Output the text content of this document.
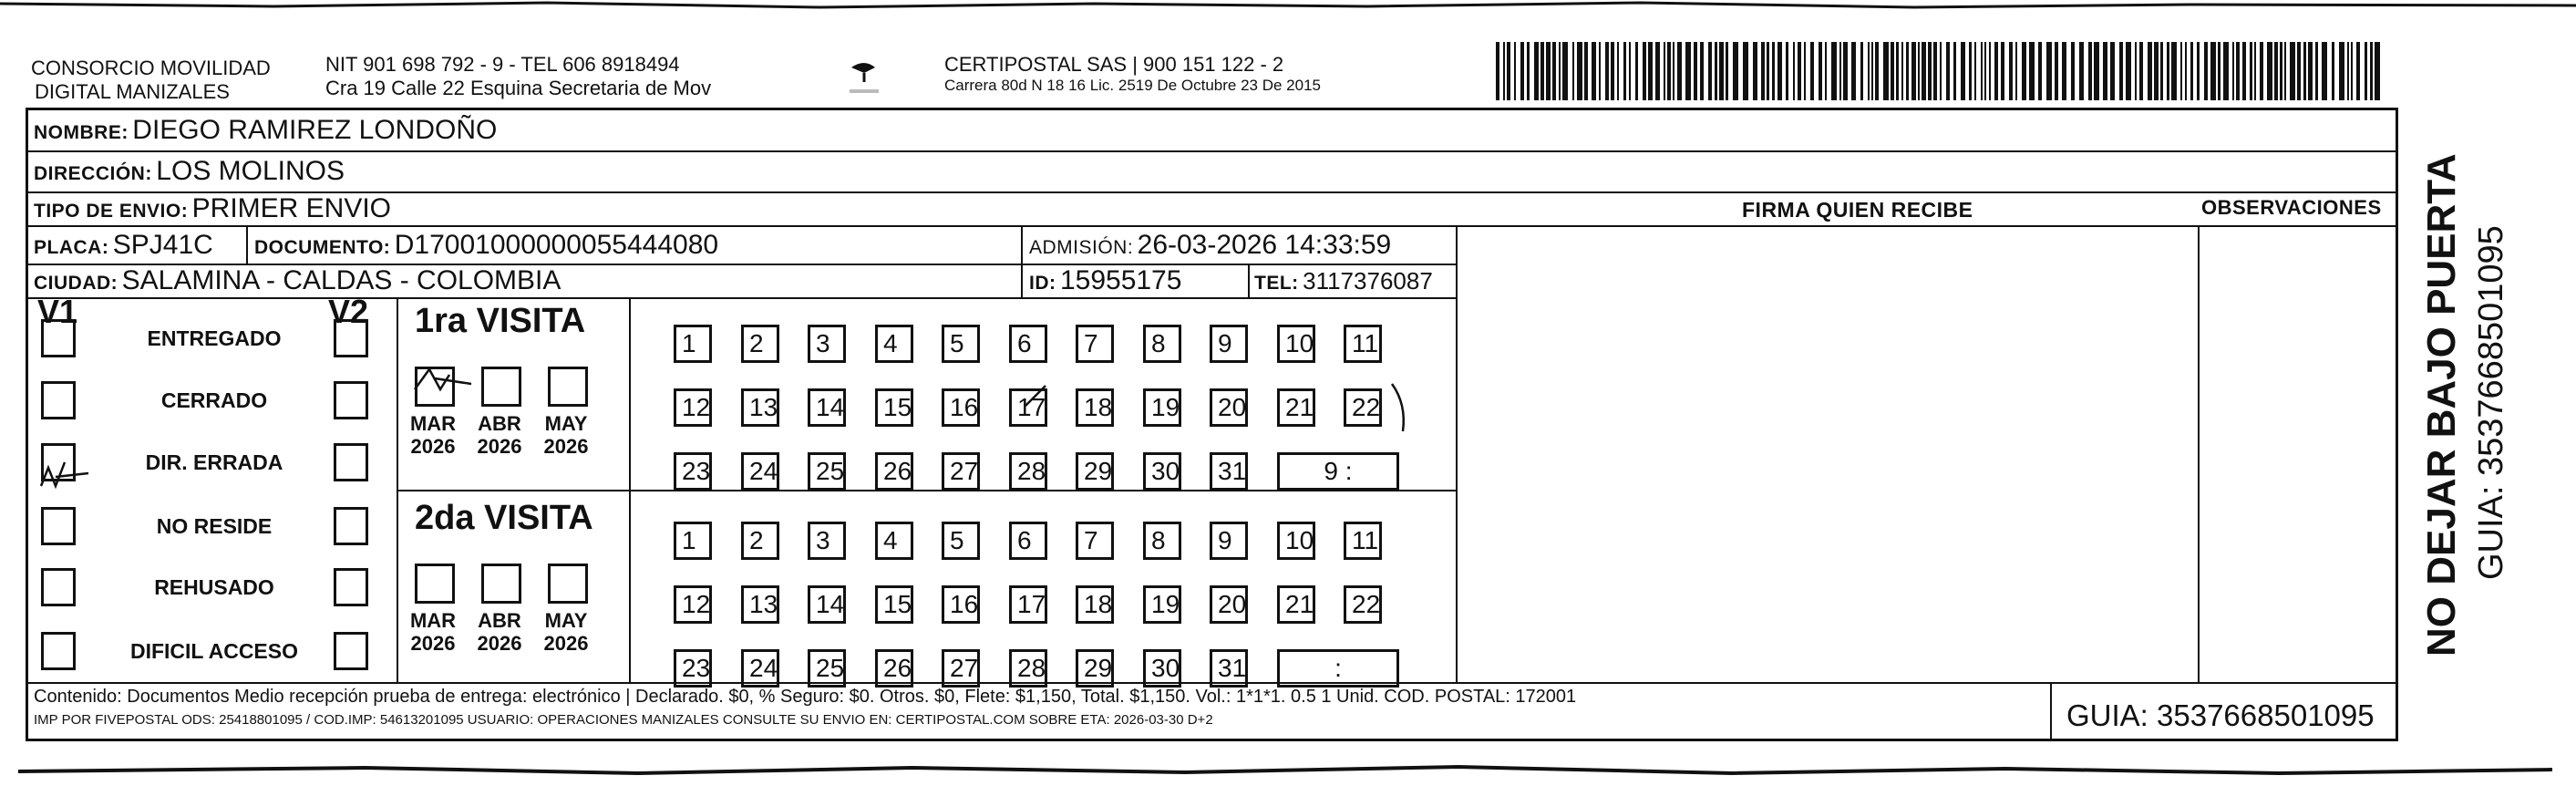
CONSORCIO MOVILIDAD
DIGITAL MANIZALES
NIT 901 698 792 - 9 - TEL 606 8918494
Cra 19 Calle 22 Esquina Secretaria de Mov
CERTIPOSTAL SAS | 900 151 122 - 2
Carrera 80d N 18 16 Lic. 2519 De Octubre 23 De 2015
NOMBRE: DIEGO RAMIREZ LONDOÑO
DIRECCIÓN: LOS MOLINOS
TIPO DE ENVIO: PRIMER ENVIO	FIRMA QUIEN RECIBE	OBSERVACIONES
PLACA: SPJ41C DOCUMENTO: D17001000000055444080	ADMISIÓN: 26-03-2026 14:33:59
CIUDAD: SALAMINA - CALDAS - COLOMBIA	ID: 15955175	TEL: 3117376087
V1	V2
ENTREGADO
CERRADO
DIR. ERRADA
NO RESIDE
REHUSADO
DIFICIL ACCESO
1ra VISITA
MAR
2026
ABR
2026
MAY
2026
1	2	3	4	5	6	7	8	9	10	11
12	13	14	15	16	17	18	19	20	21	22
23	24	25	26	27	28	29	30	31	9 :
2da VISITA
MAR
2026
ABR
2026
MAY
2026
1	2	3	4	5	6	7	8	9	10	11
12	13	14	15	16	17	18	19	20	21	22
23	24	25	26	27	28	29	30	31	:
Contenido: Documentos Medio recepción prueba de entrega: electrónico | Declarado. $0, % Seguro: $0. Otros. $0, Flete: $1,150, Total. $1,150. Vol.: 1*1*1. 0.5 1 Unid. COD. POSTAL: 172001
IMP POR FIVEPOSTAL ODS: 25418801095 / COD.IMP: 54613201095 USUARIO: OPERACIONES MANIZALES CONSULTE SU ENVIO EN: CERTIPOSTAL.COM SOBRE ETA: 2026-03-30 D+2	GUIA: 3537668501095
NO DEJAR BAJO PUERTA GUIA: 3537668501095
